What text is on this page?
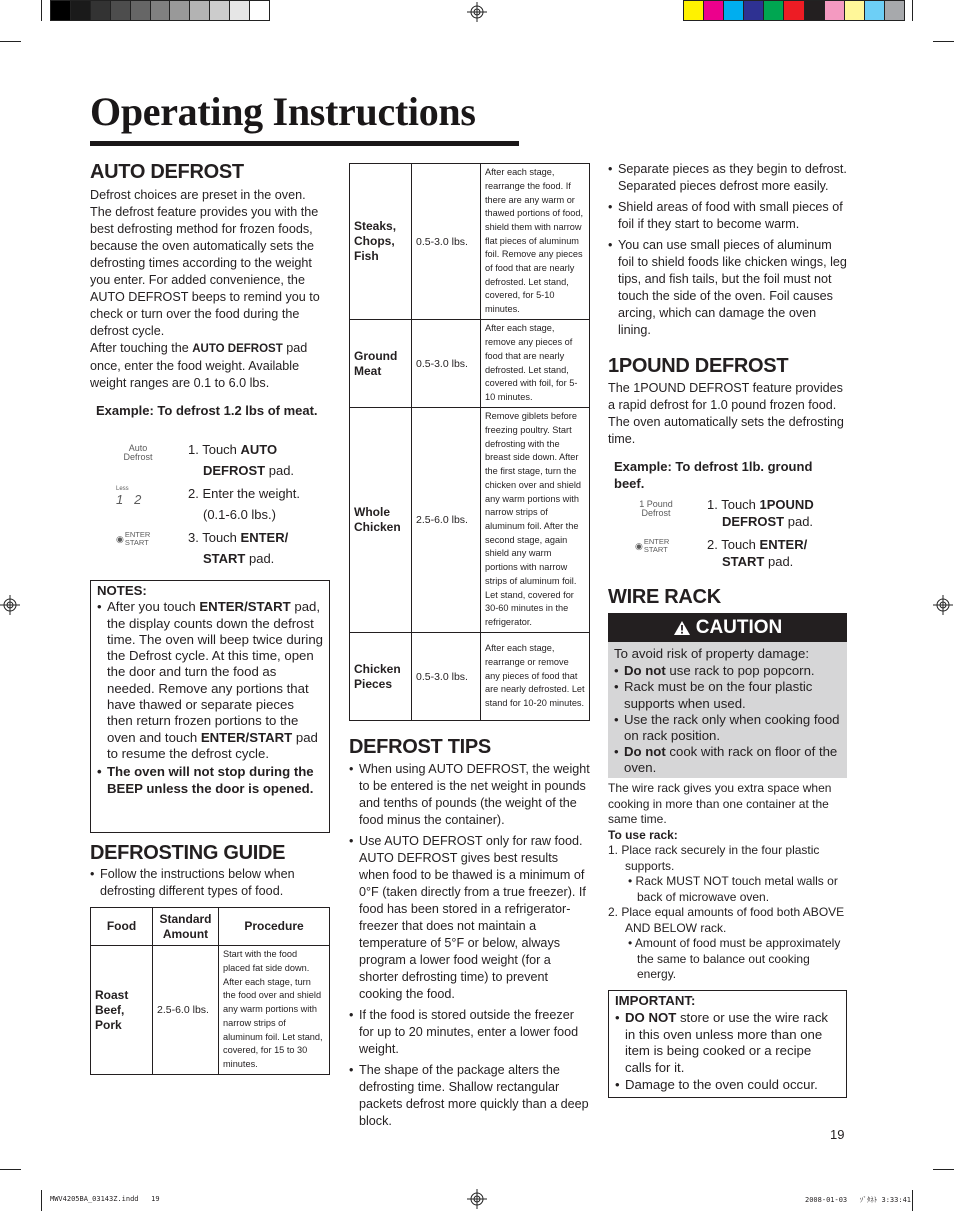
Operating Instructions
AUTO DEFROST

Defrost choices are preset in the oven. The defrost feature provides you with the best defrosting method for frozen foods, because the oven automatically sets the defrosting times according to the weight you enter. For added convenience, the AUTO DEFROST beeps to remind you to check or turn over the food during the defrost cycle.

After touching the AUTO DEFROST pad once, enter the food weight. Available weight ranges are 0.1 to 6.0 lbs.

Example: To defrost 1.2 lbs of meat.
Auto
Defrost
Less
1   2
◉ ENTER
START
1. Touch AUTO
DEFROST pad.
2. Enter the weight.
(0.1-6.0 lbs.)
3. Touch ENTER/
START pad.
NOTES:
• After you touch ENTER/START pad, the display counts down the defrost time. The oven will beep twice during the Defrost cycle. At this time, open the door and turn the food as needed. Remove any portions that have thawed or separate pieces then return frozen portions to the oven and touch ENTER/START pad to resume the defrost cycle.
• The oven will not stop during the BEEP unless the door is opened.
DEFROSTING GUIDE
• Follow the instructions below when defrosting different types of food.
Food	Standard Amount	Procedure
Roast Beef, Pork	2.5-6.0 lbs.	Start with the food placed fat side down. After each stage, turn the food over and shield any warm portions with narrow strips of aluminum foil. Let stand, covered, for 15 to 30 minutes.
Steaks, Chops, Fish	0.5-3.0 lbs.	After each stage, rearrange the food. If there are any warm or thawed portions of food, shield them with narrow flat pieces of aluminum foil. Remove any pieces of food that are nearly defrosted. Let stand, covered, for 5-10 minutes.
Ground Meat	0.5-3.0 lbs.	After each stage, remove any pieces of food that are nearly defrosted. Let stand, covered with foil, for 5-10 minutes.
Whole Chicken	2.5-6.0 lbs.	Remove giblets before freezing poultry. Start defrosting with the breast side down. After the first stage, turn the chicken over and shield any warm portions with narrow strips of aluminum foil. After the second stage, again shield any warm portions with narrow strips of aluminum foil. Let stand, covered for 30-60 minutes in the refrigerator.
Chicken Pieces	0.5-3.0 lbs.	After each stage, rearrange or remove any pieces of food that are nearly defrosted. Let stand for 10-20 minutes.
DEFROST TIPS
• When using AUTO DEFROST, the weight to be entered is the net weight in pounds and tenths of pounds (the weight of the food minus the container).
• Use AUTO DEFROST only for raw food. AUTO DEFROST gives best results when food to be thawed is a minimum of 0°F (taken directly from a true freezer). If food has been stored in a refrigerator-freezer that does not maintain a temperature of 5°F or below, always program a lower food weight (for a shorter defrosting time) to prevent cooking the food.
• If the food is stored outside the freezer for up to 20 minutes, enter a lower food weight.
• The shape of the package alters the defrosting time. Shallow rectangular packets defrost more quickly than a deep block.
• Separate pieces as they begin to defrost. Separated pieces defrost more easily.
• Shield areas of food with small pieces of foil if they start to become warm.
• You can use small pieces of aluminum foil to shield foods like chicken wings, leg tips, and fish tails, but the foil must not touch the side of the oven. Foil causes arcing, which can damage the oven lining.
1POUND DEFROST
The 1POUND DEFROST feature provides a rapid defrost for 1.0 pound frozen food. The oven automatically sets the defrosting time.
Example: To defrost 1lb. ground beef.
1 Pound
Defrost
◉ ENTER
START
1. Touch 1POUND
DEFROST pad.
2. Touch ENTER/
START pad.
WIRE RACK
CAUTION
To avoid risk of property damage:
• Do not use rack to pop popcorn.
• Rack must be on the four plastic supports when used.
• Use the rack only when cooking food on rack position.
• Do not cook with rack on floor of the oven.
The wire rack gives you extra space when cooking in more than one container at the same time.
To use rack:
1. Place rack securely in the four plastic supports.
• Rack MUST NOT touch metal walls or back of microwave oven.
2. Place equal amounts of food both ABOVE AND BELOW rack.
• Amount of food must be approximately the same to balance out cooking energy.
IMPORTANT:
• DO NOT store or use the wire rack in this oven unless more than one item is being cooked or a recipe calls for it.
• Damage to the oven could occur.
19
MWV4205BA_03143Z.indd   19	2008-01-03   ｿﾞﾀﾈﾄ 3:33:41
